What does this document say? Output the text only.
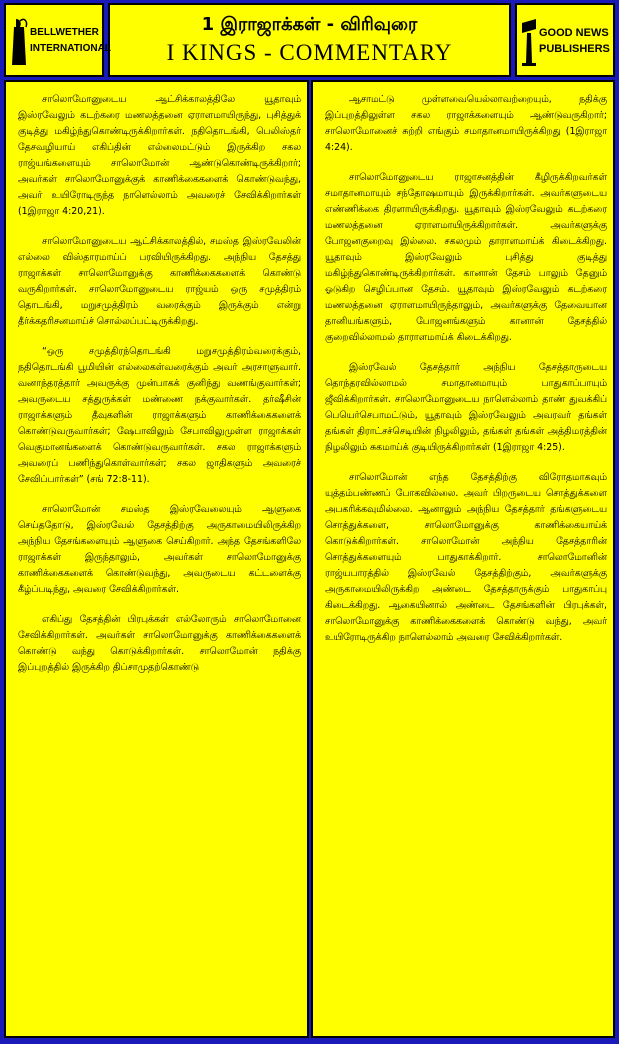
BELLWETHER
INTERNATIONAL
1 இராஜாக்கள் - விரிவுரை
I KINGS - COMMENTARY
GOOD NEWS
PUBLISHERS

சாலொமோனுடைய ஆட்சிக்காலத்திலே யூதாவும் இஸ்ரவேலும் கடற்கரை மணலத்தனை ஏராளமாயிருந்து, புசித்துக் குடித்து மகிழ்ந்துகொண்டிருக்கிறார்கள். நதிதொடங்கி, பெலிஸ்தர் தேசவழியாய் எகிப்தின் எல்லைமட்டும் இருக்கிற சகல ராஜ்யங்களையும் சாலொமோன் ஆண்டுகொண்டிருக்கிறார்; அவர்கள் சாலொமோனுக்குக் காணிக்கைகளைக் கொண்டுவந்து, அவர் உயிரோடிருந்த நாளெல்லாம் அவரைச் சேவிக்கிறார்கள் (1இராஜா 4:20,21).

சாலொமோனுடைய ஆட்சிக்காலத்தில், சமஸ்த இஸ்ரவேலின் எல்லை விஸ்தாரமாய்ப் பரவியிருக்கிறது. அந்நிய தேசத்து ராஜாக்கள் சாலொமோனுக்கு காணிக்கைகளைக் கொண்டு வருகிறார்கள். சாலொமோனுடைய ராஜ்யம் ஒரு சமுத்திரம் தொடங்கி, மறுசமுத்திரம் வரைக்கும் இருக்கும் என்று தீர்க்கதரிசனமாய்ச் சொல்லப்பட்டிருக்கிறது.

“ஒரு சமுத்திரந்தொடங்கி மறுசமுத்திரம்வரைக்கும், நதிதொடங்கி பூமியின் எல்லைகள்வரைக்கும் அவர் அரசாளுவார். வனாந்தரத்தார் அவருக்கு முன்பாகக் குனிந்து வணங்குவார்கள்; அவருடைய சத்துருக்கள் மண்ணை நக்குவார்கள். தர்ஷீசின் ராஜாக்களும் தீவுகளின் ராஜாக்களும் காணிக்கைகளைக் கொண்டுவருவார்கள்; ஷேபாவிலும் சேபாவிலுமுள்ள ராஜாக்கள் வெகுமானங்களைக் கொண்டுவருவார்கள். சகல ராஜாக்களும் அவரைப் பணிந்துகொள்வார்கள்; சகல ஜாதிகளும் அவரைச் சேவிப்பார்கள்” (சங் 72:8-11).

சாலொமோன் சமஸ்த இஸ்ரவேலையும் ஆளுகை செய்ததோடு, இஸ்ரவேல் தேசத்திற்கு அருகாமையிலிருக்கிற அந்நிய தேசங்களையும் ஆளுகை செய்கிறார். அந்த தேசங்களிலே ராஜாக்கள் இருந்தாலும், அவர்கள் சாலொமோனுக்கு காணிக்கைகளைக் கொண்டுவந்து, அவருடைய கட்டளைக்கு கீழ்ப்படிந்து, அவரை சேவிக்கிறார்கள்.

எகிப்து தேசத்தின் பிரபுக்கள் எல்லோரும் சாலொமோனை சேவிக்கிறார்கள். அவர்கள் சாலொமோனுக்கு காணிக்கைகளைக் கொண்டு வந்து கொடுக்கிறார்கள். சாலொமோன் நதிக்கு இப்புறத்தில் இருக்கிற திப்சாமுதற்கொண்டு

ஆசாமட்டு முள்ளவையெல்லாவற்றையும், நதிக்கு இப்புறத்திலுள்ள சகல ராஜாக்களையும் ஆண்டுவருகிறார்; சாலொமோனைச் சுற்றி எங்கும் சமாதானமாயிருக்கிறது (1இராஜா 4:24).

சாலொமோனுடைய ராஜாசனத்தின் கீழிருக்கிறவர்கள் சமாதானமாயும் சந்தோஷமாயும் இருக்கிறார்கள். அவர்களுடைய எண்ணிக்கை திரளாயிருக்கிறது. யூதாவும் இஸ்ரவேலும் கடற்கரை மணலத்தனை ஏராளமாயிருக்கிறார்கள். அவர்களுக்கு போஜனகுறைவு இல்லை. சகலமும் தாராளமாய்க் கிடைக்கிறது. யூதாவும் இஸ்ரவேலும் புசித்து குடித்து மகிழ்ந்துகொண்டிருக்கிறார்கள். கானான் தேசம் பாலும் தேனும் ஓடுகிற செழிப்பான தேசம். யூதாவும் இஸ்ரவேலும் கடற்கரை மணலத்தனை ஏராளமாயிருந்தாலும், அவர்களுக்கு தேவையான தானியங்களும், போஜனங்களும் கானான் தேசத்தில் குறைவில்லாமல் தாராளமாய்க் கிடைக்கிறது.

இஸ்ரவேல் தேசத்தார் அந்நிய தேசத்தாருடைய தொந்தரவில்லாமல் சமாதானமாயும் பாதுகாப்பாயும் ஜீவிக்கிறார்கள். சாலொமோனுடைய நாளெல்லாம் தாண் துவக்கிப் பெயெர்செபாமட்டும், யூதாவும் இஸ்ரவேலும் அவரவர் தங்கள் தங்கள் திராட்சச்செடியின் நிழலிலும், தங்கள் தங்கள் அத்திமரத்தின் நிழலிலும் சுகமாய்க் குடியிருக்கிறார்கள் (1இராஜா 4:25).

சாலொமோன் எந்த தேசத்திற்கு விரோதமாகவும் யுத்தம்பண்ணப் போகவில்லை. அவர் பிறருடைய சொத்துக்களை அபகரிக்கவுமில்லை. ஆனாலும் அந்நிய தேசத்தார் தங்களுடைய சொத்துக்களை, சாலொமோனுக்கு காணிக்கையாய்க் கொடுக்கிறார்கள். சாலொமோன் அந்நிய தேசத்தாரின் சொத்துக்களையும் பாதுகாக்கிறார். சாலொமோனின் ராஜ்யபாரத்தில் இஸ்ரவேல் தேசத்திற்கும், அவர்களுக்கு அருகாமையிலிருக்கிற அண்டை தேசத்தாருக்கும் பாதுகாப்பு கிடைக்கிறது. ஆகையினால் அண்டை தேசங்களின் பிரபுக்கள், சாலொமோனுக்கு காணிக்கைகளைக் கொண்டு வந்து, அவர் உயிரோடிருக்கிற நாளெல்லாம் அவரை சேவிக்கிறார்கள்.
